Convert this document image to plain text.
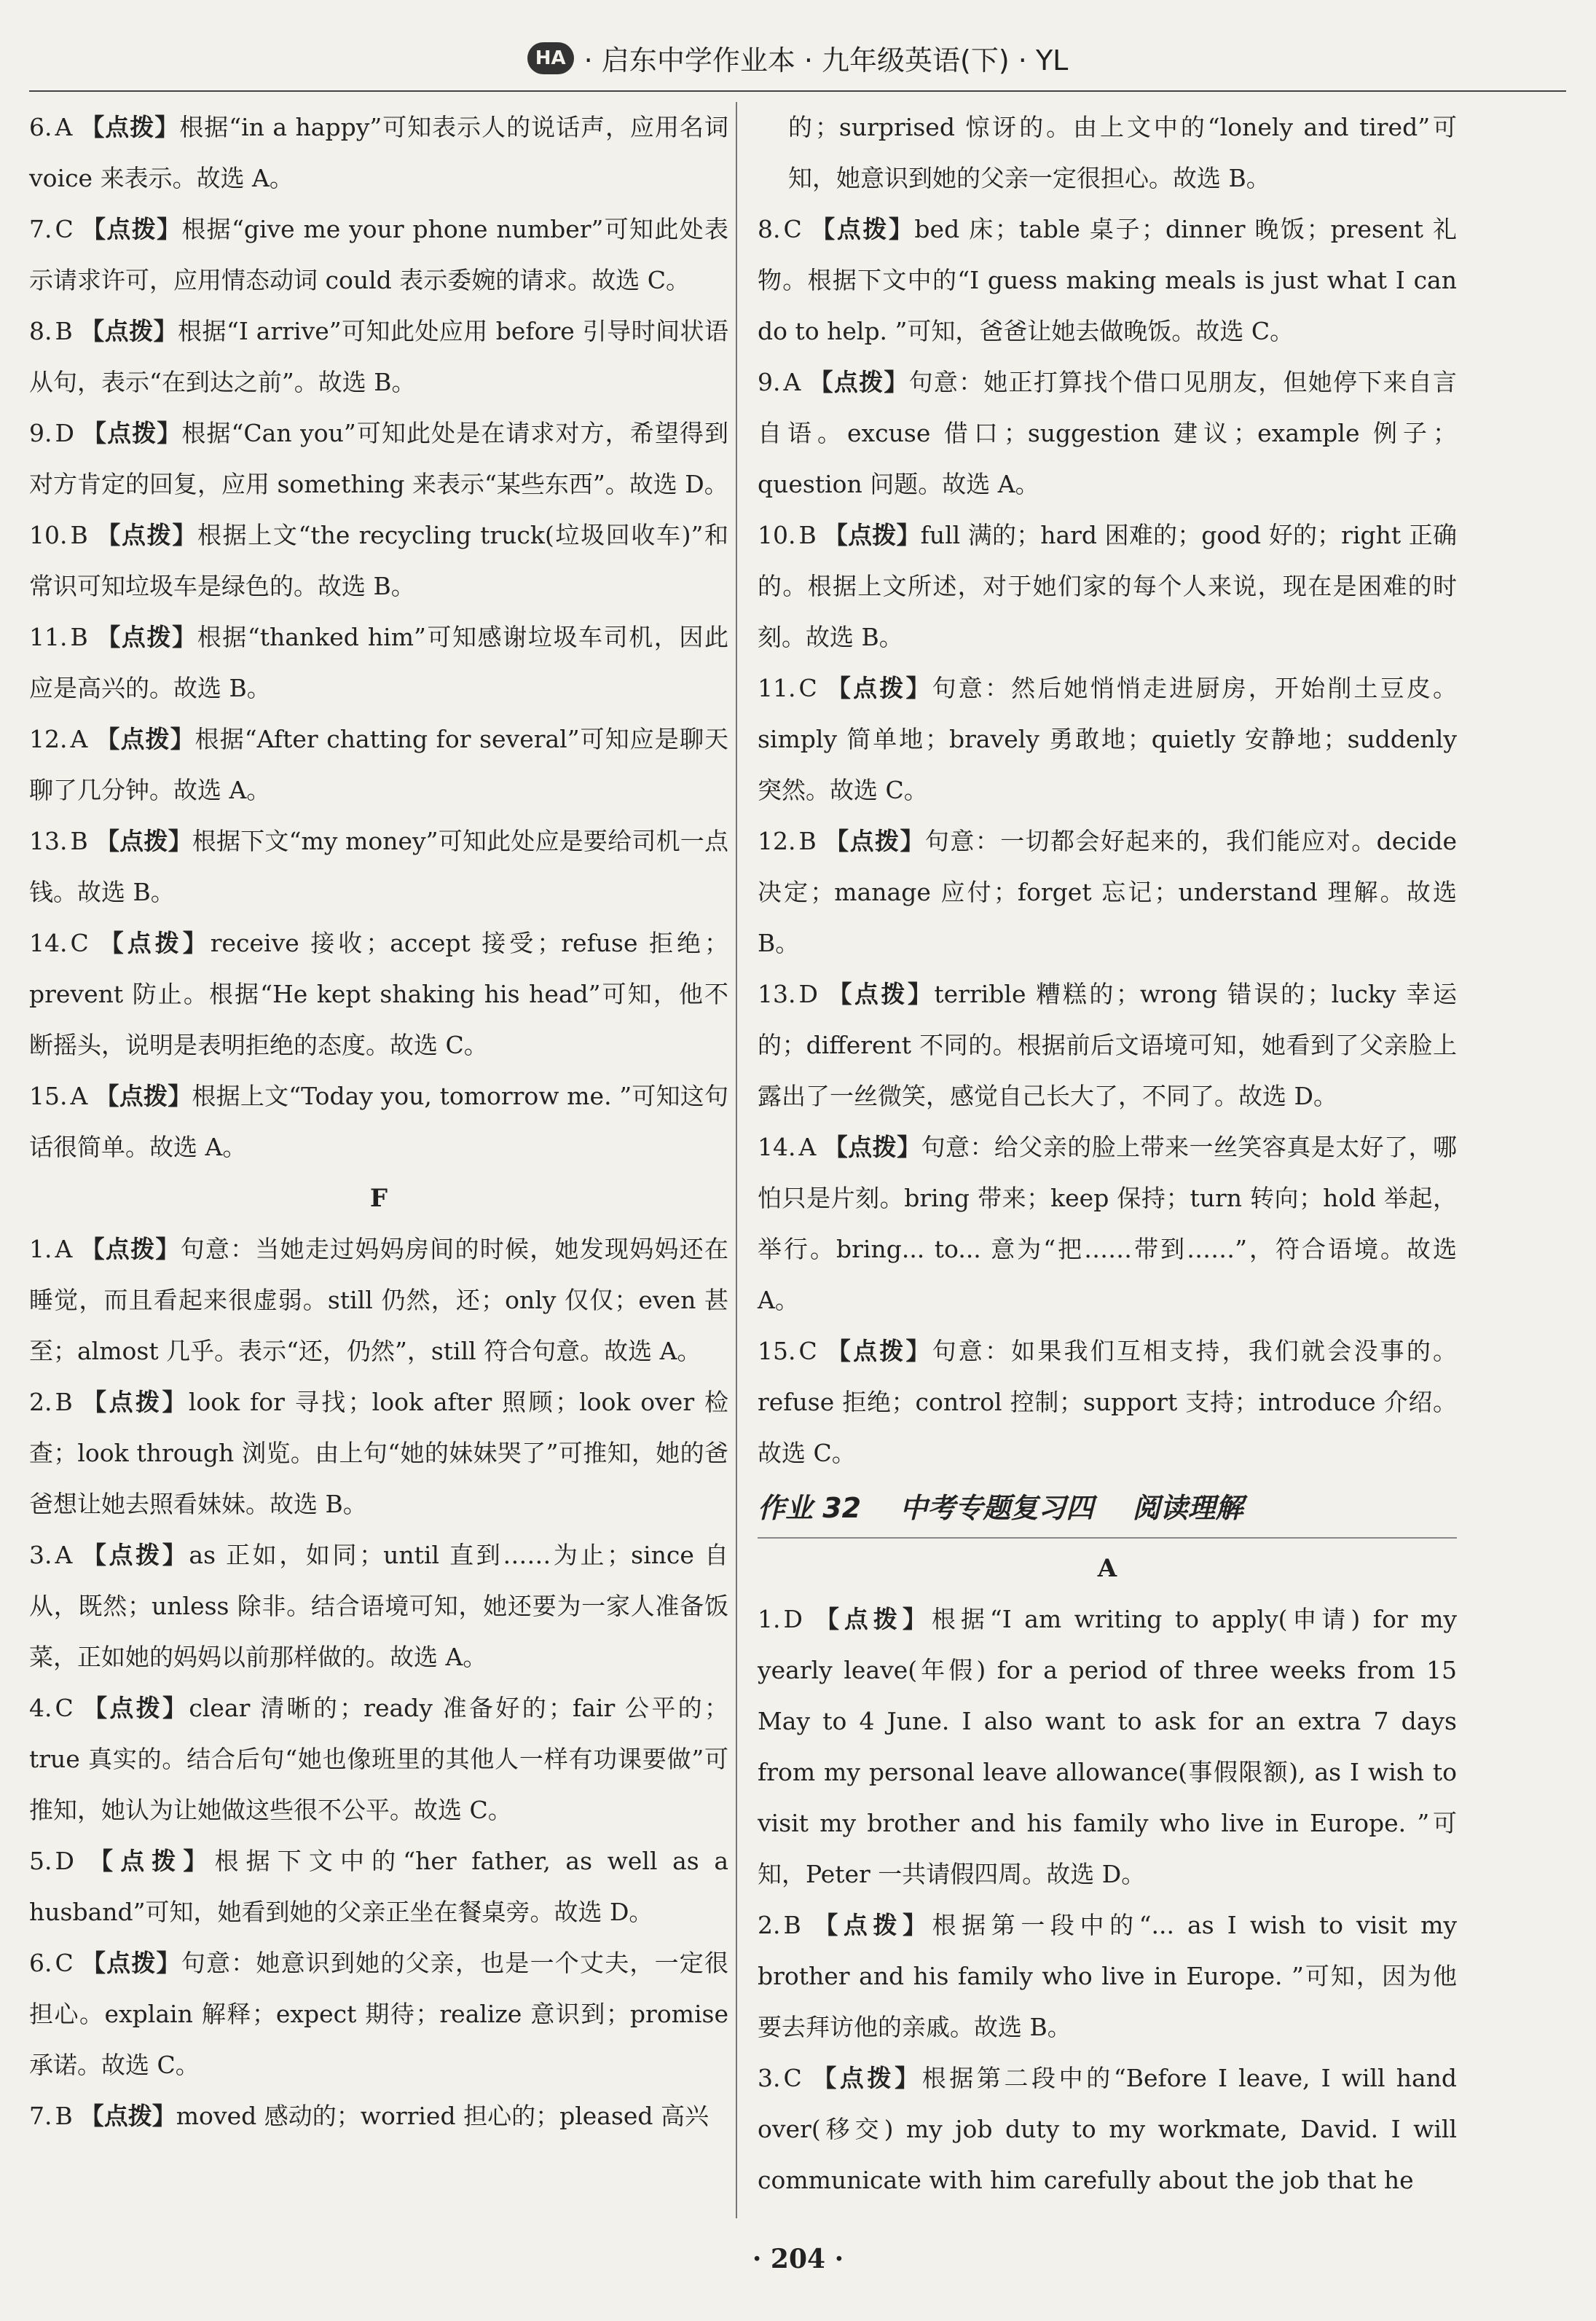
HA · 启东中学作业本 · 九年级英语(下) · YL

6. A 【点拨】根据“in a happy”可知表示人的说话声，应用名词 voice 来表示。故选 A。

7. C 【点拨】根据“give me your phone number”可知此处表示请求许可，应用情态动词 could 表示委婉的请求。故选 C。

8. B 【点拨】根据“I arrive”可知此处应用 before 引导时间状语从句，表示“在到达之前”。故选 B。

9. D 【点拨】根据“Can you”可知此处是在请求对方，希望得到对方肯定的回复，应用 something 来表示“某些东西”。故选 D。

10. B 【点拨】根据上文“the recycling truck(垃圾回收车)”和常识可知垃圾车是绿色的。故选 B。

11. B 【点拨】根据“thanked him”可知感谢垃圾车司机，因此应是高兴的。故选 B。

12. A 【点拨】根据“After chatting for several”可知应是聊天聊了几分钟。故选 A。

13. B 【点拨】根据下文“my money”可知此处应是要给司机一点钱。故选 B。

14. C 【点拨】receive 接收；accept 接受；refuse 拒绝；prevent 防止。根据“He kept shaking his head”可知，他不断摇头，说明是表明拒绝的态度。故选 C。

15. A 【点拨】根据上文“Today you, tomorrow me. ”可知这句话很简单。故选 A。

F

1. A 【点拨】句意：当她走过妈妈房间的时候，她发现妈妈还在睡觉，而且看起来很虚弱。still 仍然，还；only 仅仅；even 甚至；almost 几乎。表示“还，仍然”，still 符合句意。故选 A。

2. B 【点拨】look for 寻找；look after 照顾；look over 检查；look through 浏览。由上句“她的妹妹哭了”可推知，她的爸爸想让她去照看妹妹。故选 B。

3. A 【点拨】as 正如，如同；until 直到……为止；since 自从，既然；unless 除非。结合语境可知，她还要为一家人准备饭菜，正如她的妈妈以前那样做的。故选 A。

4. C 【点拨】clear 清晰的；ready 准备好的；fair 公平的；true 真实的。结合后句“她也像班里的其他人一样有功课要做”可推知，她认为让她做这些很不公平。故选 C。

5. D 【点拨】根据下文中的“her father, as well as a husband”可知，她看到她的父亲正坐在餐桌旁。故选 D。

6. C 【点拨】句意：她意识到她的父亲，也是一个丈夫，一定很担心。explain 解释；expect 期待；realize 意识到；promise 承诺。故选 C。

7. B 【点拨】moved 感动的；worried 担心的；pleased 高兴

的；surprised 惊讶的。由上文中的“lonely and tired”可知，她意识到她的父亲一定很担心。故选 B。

8. C 【点拨】bed 床；table 桌子；dinner 晚饭；present 礼物。根据下文中的“I guess making meals is just what I can do to help. ”可知，爸爸让她去做晚饭。故选 C。

9. A 【点拨】句意：她正打算找个借口见朋友，但她停下来自言自语。excuse 借口；suggestion 建议；example 例子；question 问题。故选 A。

10. B 【点拨】full 满的；hard 困难的；good 好的；right 正确的。根据上文所述，对于她们家的每个人来说，现在是困难的时刻。故选 B。

11. C 【点拨】句意：然后她悄悄走进厨房，开始削土豆皮。simply 简单地；bravely 勇敢地；quietly 安静地；suddenly 突然。故选 C。

12. B 【点拨】句意：一切都会好起来的，我们能应对。decide 决定；manage 应付；forget 忘记；understand 理解。故选 B。

13. D 【点拨】terrible 糟糕的；wrong 错误的；lucky 幸运的；different 不同的。根据前后文语境可知，她看到了父亲脸上露出了一丝微笑，感觉自己长大了，不同了。故选 D。

14. A 【点拨】句意：给父亲的脸上带来一丝笑容真是太好了，哪怕只是片刻。bring 带来；keep 保持；turn 转向；hold 举起，举行。bring... to... 意为“把……带到……”，符合语境。故选 A。

15. C 【点拨】句意：如果我们互相支持，我们就会没事的。refuse 拒绝；control 控制；support 支持；introduce 介绍。故选 C。

作业 32 中考专题复习四 阅读理解
A

1. D 【点拨】根据“I am writing to apply(申请) for my yearly leave(年假) for a period of three weeks from 15 May to 4 June. I also want to ask for an extra 7 days from my personal leave allowance(事假限额), as I wish to visit my brother and his family who live in Europe. ”可知，Peter 一共请假四周。故选 D。

2. B 【点拨】根据第一段中的“... as I wish to visit my brother and his family who live in Europe. ”可知，因为他要去拜访他的亲戚。故选 B。

3. C 【点拨】根据第二段中的“Before I leave, I will hand over(移交) my job duty to my workmate, David. I will communicate with him carefully about the job that he

· 204 ·
